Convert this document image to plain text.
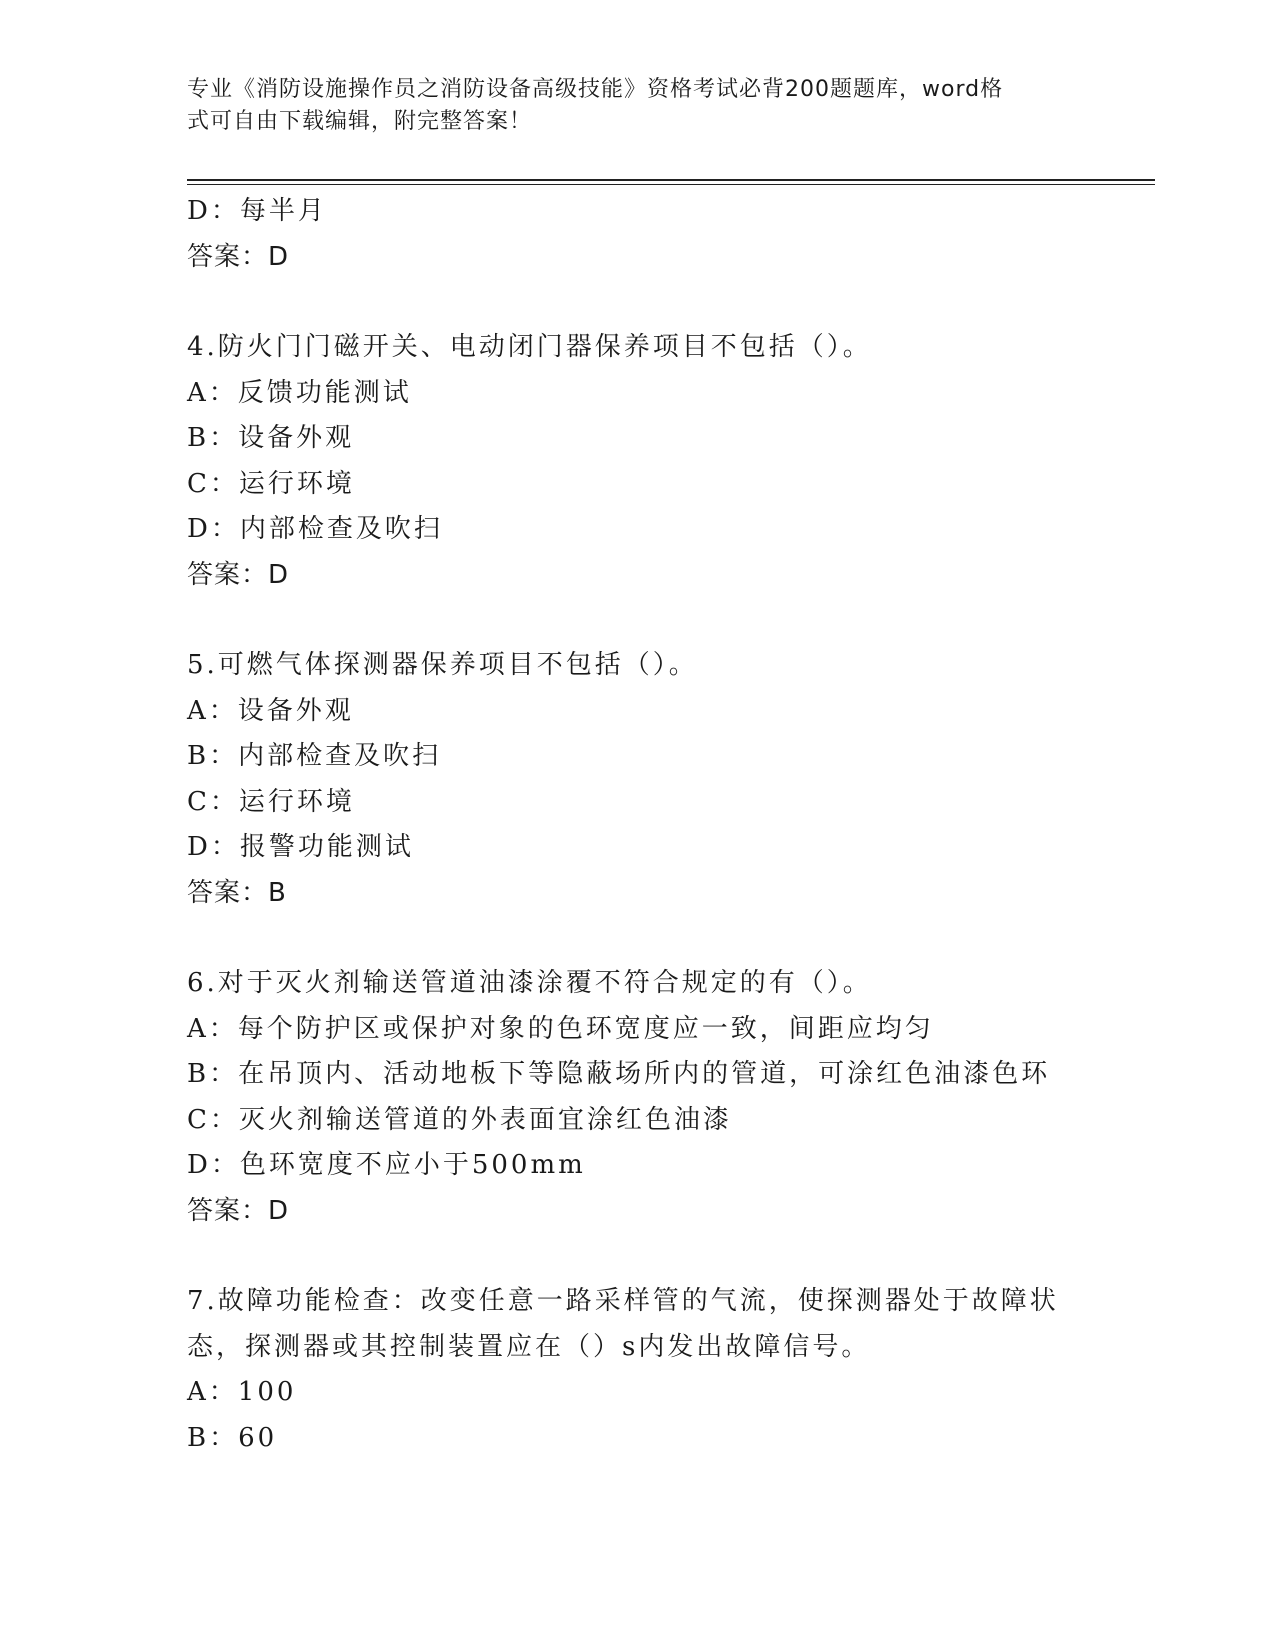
专业《消防设施操作员之消防设备高级技能》资格考试必背200题题库，word格
式可自由下载编辑，附完整答案！
D：每半月
答案：D
4.防火门门磁开关、电动闭门器保养项目不包括（）。
A：反馈功能测试
B：设备外观
C：运行环境
D：内部检查及吹扫
答案：D
5.可燃气体探测器保养项目不包括（）。
A：设备外观
B：内部检查及吹扫
C：运行环境
D：报警功能测试
答案：B
6.对于灭火剂输送管道油漆涂覆不符合规定的有（）。
A：每个防护区或保护对象的色环宽度应一致，间距应均匀
B：在吊顶内、活动地板下等隐蔽场所内的管道，可涂红色油漆色环
C：灭火剂输送管道的外表面宜涂红色油漆
D：色环宽度不应小于500mm
答案：D
7.故障功能检查：改变任意一路采样管的气流，使探测器处于故障状
态，探测器或其控制装置应在（）s内发出故障信号。
A：100
B：60
